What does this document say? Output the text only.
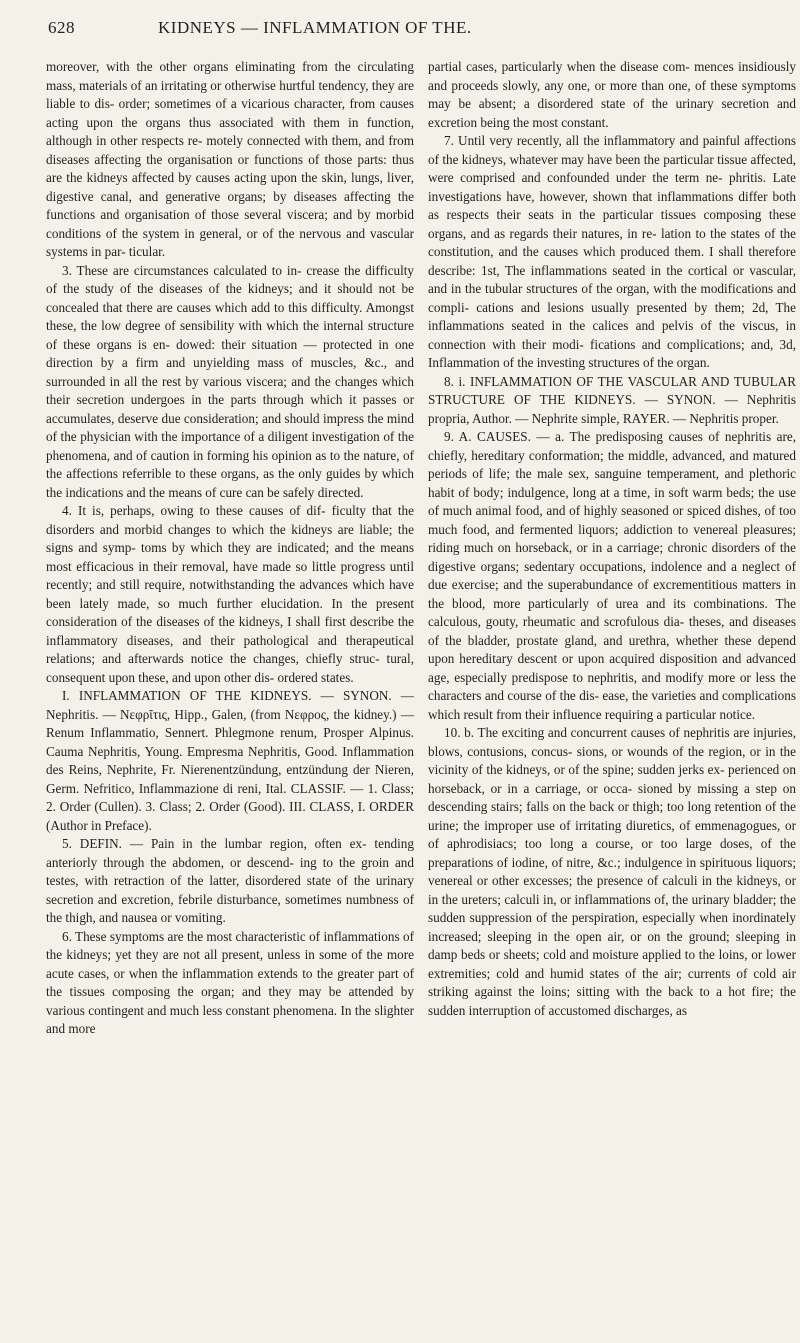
628	KIDNEYS — INFLAMMATION OF THE.

moreover, with the other organs eliminating from the circulating mass, materials of an irritating or otherwise hurtful tendency, they are liable to dis- order; sometimes of a vicarious character, from causes acting upon the organs thus associated with them in function, although in other respects re- motely connected with them, and from diseases affecting the organisation or functions of those parts: thus are the kidneys affected by causes acting upon the skin, lungs, liver, digestive canal, and generative organs; by diseases affecting the functions and organisation of those several viscera; and by morbid conditions of the system in general, or of the nervous and vascular systems in par- ticular.

3. These are circumstances calculated to in- crease the difficulty of the study of the diseases of the kidneys; and it should not be concealed that there are causes which add to this difficulty. Amongst these, the low degree of sensibility with which the internal structure of these organs is en- dowed: their situation — protected in one direction by a firm and unyielding mass of muscles, &c., and surrounded in all the rest by various viscera; and the changes which their secretion undergoes in the parts through which it passes or accumulates, deserve due consideration; and should impress the mind of the physician with the importance of a diligent investigation of the phenomena, and of caution in forming his opinion as to the nature, of the affections referrible to these organs, as the only guides by which the indications and the means of cure can be safely directed.

4. It is, perhaps, owing to these causes of dif- ficulty that the disorders and morbid changes to which the kidneys are liable; the signs and symp- toms by which they are indicated; and the means most efficacious in their removal, have made so little progress until recently; and still require, notwithstanding the advances which have been lately made, so much further elucidation. In the present consideration of the diseases of the kidneys, I shall first describe the inflammatory diseases, and their pathological and therapeutical relations; and afterwards notice the changes, chiefly struc- tural, consequent upon these, and upon other dis- ordered states.

I. INFLAMMATION OF THE KIDNEYS. — SYNON. — Nephritis. — Νεφρῖτις, Hipp., Galen, (from Νεφρος, the kidney.) — Renum Inflammatio, Sennert. Phlegmone renum, Prosper Alpinus. Cauma Nephritis, Young. Empresma Nephritis, Good. Inflammation des Reins, Nephrite, Fr. Nierenentzündung, entzündung der Nieren, Germ. Nefritico, Inflammazione di reni, Ital. CLASSIF. — 1. Class; 2. Order (Cullen). 3. Class; 2. Order (Good). III. CLASS, I. ORDER (Author in Preface).

5. DEFIN. — Pain in the lumbar region, often ex- tending anteriorly through the abdomen, or descend- ing to the groin and testes, with retraction of the latter, disordered state of the urinary secretion and excretion, febrile disturbance, sometimes numbness of the thigh, and nausea or vomiting.

6. These symptoms are the most characteristic of inflammations of the kidneys; yet they are not all present, unless in some of the more acute cases, or when the inflammation extends to the greater part of the tissues composing the organ; and they may be attended by various contingent and much less constant phenomena. In the slighter and more

partial cases, particularly when the disease com- mences insidiously and proceeds slowly, any one, or more than one, of these symptoms may be absent; a disordered state of the urinary secretion and excretion being the most constant.

7. Until very recently, all the inflammatory and painful affections of the kidneys, whatever may have been the particular tissue affected, were comprised and confounded under the term ne- phritis. Late investigations have, however, shown that inflammations differ both as respects their seats in the particular tissues composing these organs, and as regards their natures, in re- lation to the states of the constitution, and the causes which produced them. I shall therefore describe: 1st, The inflammations seated in the cortical or vascular, and in the tubular structures of the organ, with the modifications and compli- cations and lesions usually presented by them; 2d, The inflammations seated in the calices and pelvis of the viscus, in connection with their modi- fications and complications; and, 3d, Inflammation of the investing structures of the organ.

8. i. INFLAMMATION OF THE VASCULAR AND TUBULAR STRUCTURE OF THE KIDNEYS. — SYNON. — Nephritis propria, Author. — Nephrite simple, RAYER. — Nephritis proper.

9. A. CAUSES. — a. The predisposing causes of nephritis are, chiefly, hereditary conformation; the middle, advanced, and matured periods of life; the male sex, sanguine temperament, and plethoric habit of body; indulgence, long at a time, in soft warm beds; the use of much animal food, and of highly seasoned or spiced dishes, of too much food, and fermented liquors; addiction to venereal pleasures; riding much on horseback, or in a carriage; chronic disorders of the digestive organs; sedentary occupations, indolence and a neglect of due exercise; and the superabundance of excrementitious matters in the blood, more particularly of urea and its combinations. The calculous, gouty, rheumatic and scrofulous dia- theses, and diseases of the bladder, prostate gland, and urethra, whether these depend upon hereditary descent or upon acquired disposition and advanced age, especially predispose to nephritis, and modify more or less the characters and course of the dis- ease, the varieties and complications which result from their influence requiring a particular notice.

10. b. The exciting and concurrent causes of nephritis are injuries, blows, contusions, concus- sions, or wounds of the region, or in the vicinity of the kidneys, or of the spine; sudden jerks ex- perienced on horseback, or in a carriage, or occa- sioned by missing a step on descending stairs; falls on the back or thigh; too long retention of the urine; the improper use of irritating diuretics, of emmenagogues, or of aphrodisiacs; too long a course, or too large doses, of the preparations of iodine, of nitre, &c.; indulgence in spirituous liquors; venereal or other excesses; the presence of calculi in the kidneys, or in the ureters; calculi in, or inflammations of, the urinary bladder; the sudden suppression of the perspiration, especially when inordinately increased; sleeping in the open air, or on the ground; sleeping in damp beds or sheets; cold and moisture applied to the loins, or lower extremities; cold and humid states of the air; currents of cold air striking against the loins; sitting with the back to a hot fire; the sudden interruption of accustomed discharges, as
